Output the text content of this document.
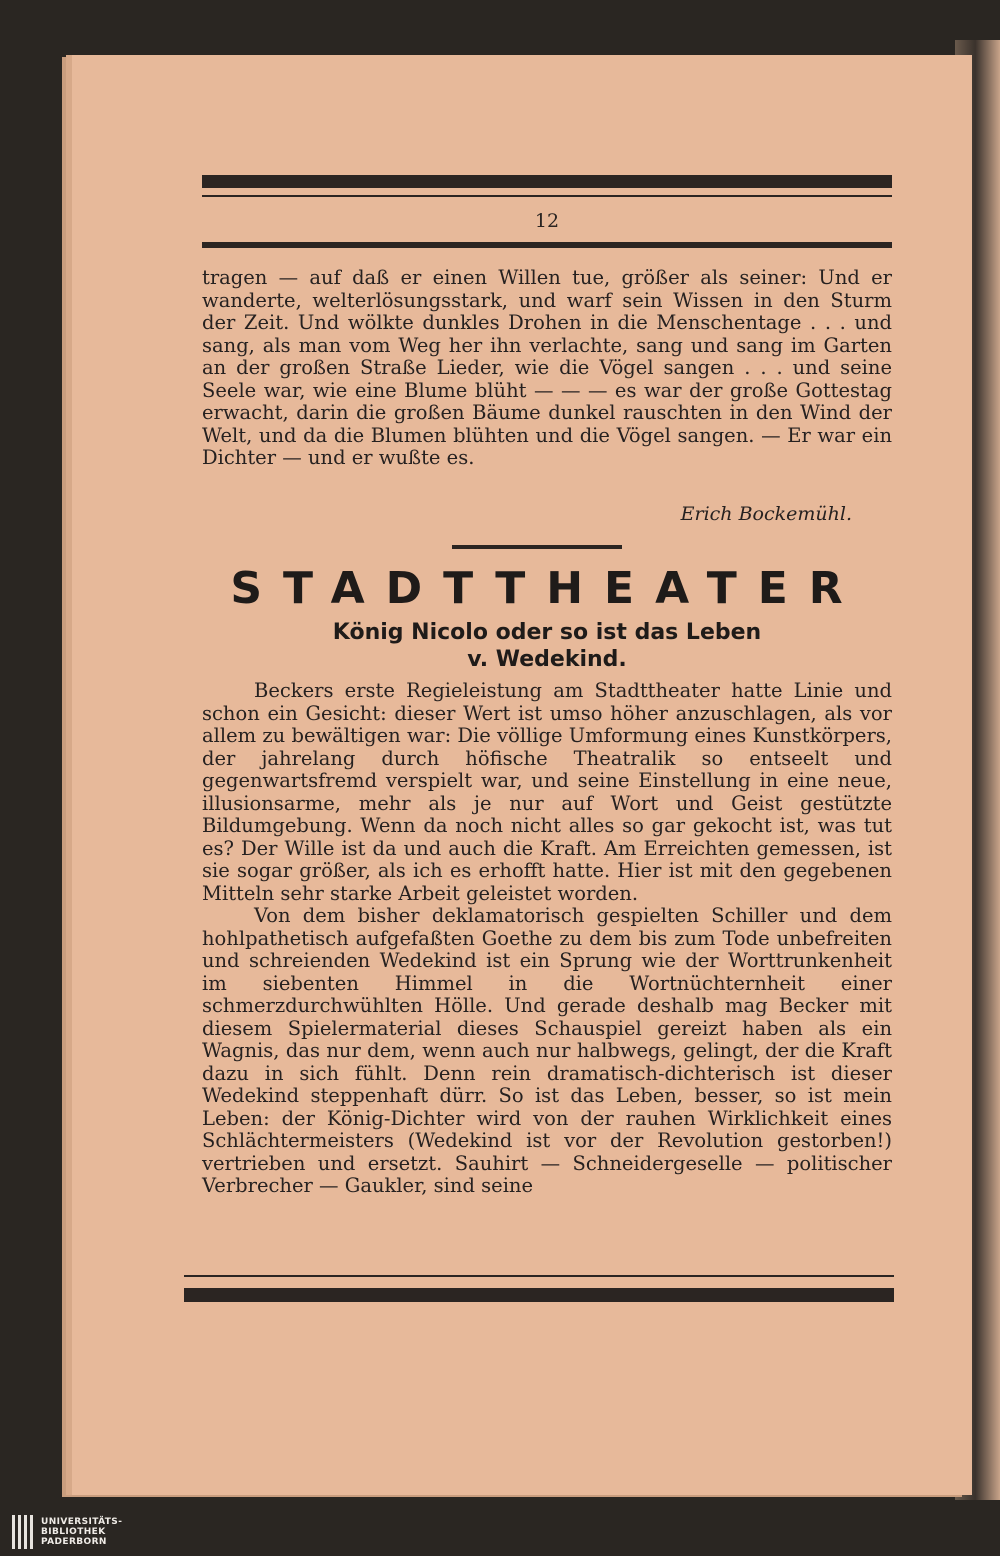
12

tragen — auf daß er einen Willen tue, größer als seiner: Und er wanderte, welterlösungsstark, und warf sein Wissen in den Sturm der Zeit. Und wölkte dunkles Drohen in die Menschentage . . . und sang, als man vom Weg her ihn verlachte, sang und sang im Garten an der großen Straße Lieder, wie die Vögel sangen . . . und seine Seele war, wie eine Blume blüht — — — es war der große Gottestag erwacht, darin die großen Bäume dunkel rauschten in den Wind der Welt, und da die Blumen blühten und die Vögel sangen. — Er war ein Dichter — und er wußte es.

Erich Bockemühl.
STADTTHEATER
König Nicolo oder so ist das Leben
v. Wedekind.

Beckers erste Regieleistung am Stadttheater hatte Linie und schon ein Gesicht: dieser Wert ist umso höher anzuschlagen, als vor allem zu bewältigen war: Die völlige Umformung eines Kunstkörpers, der jahrelang durch höfische Theatralik so entseelt und gegenwartsfremd verspielt war, und seine Einstellung in eine neue, illusionsarme, mehr als je nur auf Wort und Geist gestützte Bildumgebung. Wenn da noch nicht alles so gar gekocht ist, was tut es? Der Wille ist da und auch die Kraft. Am Erreichten gemessen, ist sie sogar größer, als ich es erhofft hatte. Hier ist mit den gegebenen Mitteln sehr starke Arbeit geleistet worden.

Von dem bisher deklamatorisch gespielten Schiller und dem hohlpathetisch aufgefaßten Goethe zu dem bis zum Tode unbefreiten und schreienden Wedekind ist ein Sprung wie der Worttrunkenheit im siebenten Himmel in die Wortnüchternheit einer schmerzdurchwühlten Hölle. Und gerade deshalb mag Becker mit diesem Spielermaterial dieses Schauspiel gereizt haben als ein Wagnis, das nur dem, wenn auch nur halbwegs, gelingt, der die Kraft dazu in sich fühlt. Denn rein dramatisch-dichterisch ist dieser Wedekind steppenhaft dürr. So ist das Leben, besser, so ist mein Leben: der König-Dichter wird von der rauhen Wirklichkeit eines Schlächtermeisters (Wedekind ist vor der Revolution gestorben!) vertrieben und ersetzt. Sauhirt — Schneidergeselle — politischer Verbrecher — Gaukler, sind seine

UNIVERSITÄTS-
BIBLIOTHEK
PADERBORN
